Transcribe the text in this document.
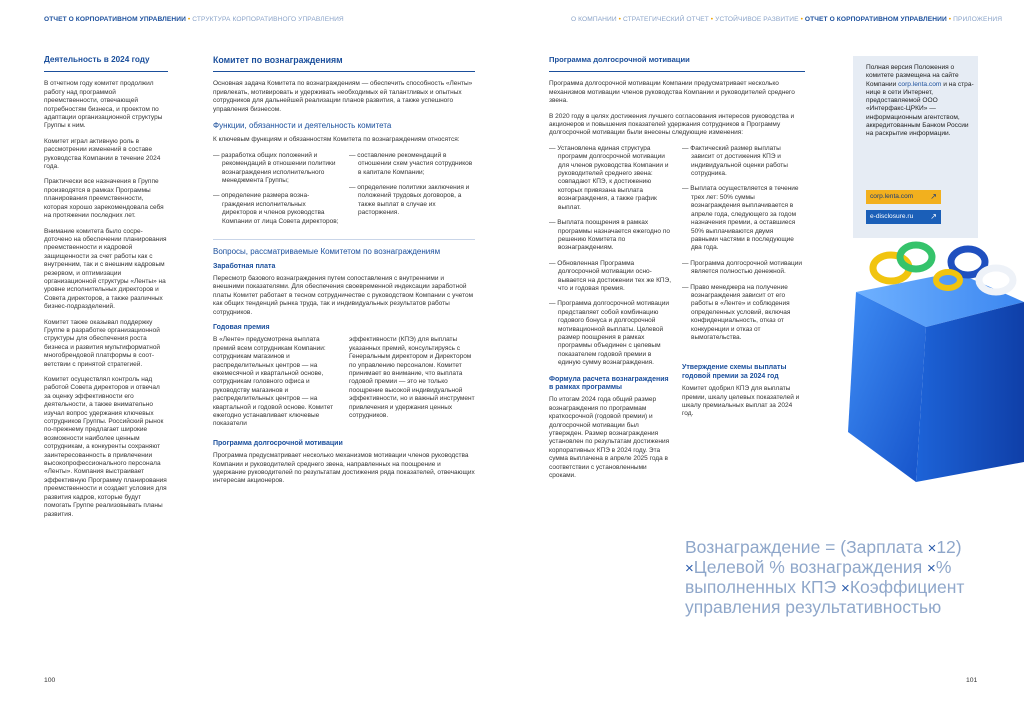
ОТЧЕТ О КОРПОРАТИВНОМ УПРАВЛЕНИИ • СТРУКТУРА КОРПОРАТИВНОГО УПРАВЛЕНИЯ	О КОМПАНИИ • СТРАТЕГИЧЕСКИЙ ОТЧЕТ • УСТОЙЧИВОЕ РАЗВИТИЕ • ОТЧЕТ О КОРПОРАТИВНОМ УПРАВЛЕНИИ • ПРИЛОЖЕНИЯ
Деятельность в 2024 году

В отчетном году комитет продолжил работу над программой преемственности, отвечающей потребностям бизнеса, и проектом по адаптации организационной структуры Группы к ним.

Комитет играл активную роль в рассмотрении изменений в составе руководства Компании в течение 2024 года.

Практически все назначения в Группе производятся в рамках Программы планирования преемственности, которая хорошо зарекомендовала себя на протяжении последних лет.

Внимание комитета было сосредоточено на обеспечении планирования преемственности и кадровой защищенности за счет работы как с внутренним, так и с внешним кадровым резервом, и оптимизации организационной структуры «Ленты» на уровне исполнительных директоров и Совета директоров, а также различных бизнес-подразделений.

Комитет также оказывал поддержку Группе в разработке организационной структуры для обеспечения роста бизнеса и развития мультиформатной многобрендовой платформы в соответствии с принятой стратегией.

Комитет осуществлял контроль над работой Совета директоров и отвечал за оценку эффективности его деятельности, а также внимательно изучал вопрос удержания ключевых сотрудников Группы. Российский рынок по-прежнему предлагает широкие возможности наиболее ценным сотрудникам, а конкуренты сохраняют заинтересованность в привлечении высокопрофессионального персонала «Ленты». Компания выстраивает эффективную Программу планирования преемственности и создает условия для развития кадров, которые будут помогать Группе реализовывать планы развития.

Комитет по вознаграждениям

Основная задача Комитета по вознаграждениям — обеспечить способность «Ленты» привлекать, мотивировать и удерживать необходимых ей талантливых и опытных сотрудников для дальнейшей реализации планов развития, а также успешного управления бизнесом.

Функции, обязанности и деятельность комитета

К ключевым функциям и обязанностям Комитета по вознаграждениям относятся:

— разработка общих положений и рекомендаций в отношении политики вознаграждения исполнительного менеджмента Группы;

— определение размера вознаграждения исполнительных директоров и членов руководства Компании от лица Совета директоров;

— составление рекомендаций в отношении схем участия сотрудников в капитале Компании;

— определение политики заключения и положений трудовых договоров, а также выплат в случае их расторжения.

Вопросы, рассматриваемые Комитетом по вознаграждениям
Заработная плата

Пересмотр базового вознаграждения путем сопоставления с внутренними и внешними показателями. Для обеспечения своевременной индексации заработной платы Комитет работает в тесном сотрудничестве с руководством Компании с учетом как общих тенденций рынка труда, так и индивидуальных результатов работы сотрудников.

Годовая премия

В «Ленте» предусмотрена выплата премий всем сотрудникам Компании: сотрудникам магазинов и распределительных центров — на ежемесячной и квартальной основе, сотрудникам головного офиса и руководству магазинов и распределительных центров — на квартальной и годовой основе. Комитет ежегодно устанавливает ключевые показатели

эффективности (КПЭ) для выплаты указанных премий, консультируясь с Генеральным директором и Директором по управлению персоналом. Комитет принимает во внимание, что выплата годовой премии — это не только поощрение высокой индивидуальной эффективности, но и важный инструмент привлечения и удержания ценных сотрудников.

Программа долгосрочной мотивации

Программа предусматривает несколько механизмов мотивации членов руководства Компании и руководителей среднего звена, направленных на поощрение и удержание руководителей по результатам достижения ряда показателей, отвечающих интересам акционеров.

Программа долгосрочной мотивации

Программа долгосрочной мотивации Компании предусматривает несколько механизмов мотивации членов руководства Компании и руководителей среднего звена.

В 2020 году в целях достижения лучшего согласования интересов руководства и акционеров и повышения показателей удержания сотрудников в Программу долгосрочной мотивации были внесены следующие изменения:

— Установлена единая структура программ долгосрочной мотивации для членов руководства Компании и руководителей среднего звена: совпадают КПЭ, к достижению которых привязана выплата вознаграждения, а также график выплат.

— Выплата поощрения в рамках программы назначается ежегодно по решению Комитета по вознаграждениям.

— Обновленная Программа долгосрочной мотивации основывается на достижении тех же КПЭ, что и годовая премия.

— Программа долгосрочной мотивации представляет собой комбинацию годового бонуса и долгосрочной мотивационной выплаты. Целевой размер поощрения в рамках программы объединен с целевым показателем годовой премии в единую сумму вознаграждения.

Формула расчета вознаграждения в рамках программы

По итогам 2024 года общий размер вознаграждения по программам краткосрочной (годовой премии) и долгосрочной мотивации был утвержден. Размер вознаграждения установлен по результатам достижения корпоративных КПЭ в 2024 году. Эта сумма выплачена в апреле 2025 года в соответствии с установленными сроками.

— Фактический размер выплаты зависит от достижения КПЭ и индивидуальной оценки работы сотрудника.

— Выплата осуществляется в течение трех лет: 50% суммы вознаграждения выплачивается в апреле года, следующего за годом назначения премии, а оставшиеся 50% выплачиваются двумя равными частями в последующие два года.

— Программа долгосрочной мотивации является полностью денежной.

— Право менеджера на получение вознаграждения зависит от его работы в «Ленте» и соблюдения определенных условий, включая конфиденциальность, отказ от конкуренции и отказ от вымогательства.

Утверждение схемы выплаты годовой премии за 2024 год

Комитет одобрил КПЭ для выплаты премии, шкалу целевых показателей и шкалу премиальных выплат за 2024 год.

Полная версия Положения о комитете размещена на сайте Компании corp.lenta.com и на странице в сети Интернет, предоставляемой ООО «Интерфакс-ЦРКИ» — информационным агентством, аккредитованным Банком России на раскрытие информации.
corp.lenta.com ↗
e-disclosure.ru ↗
Вознаграждение = (Зарплата ×12) ×Целевой % вознаграждения ×% выполненных КПЭ ×Коэффициент управления результативностью
100	101
